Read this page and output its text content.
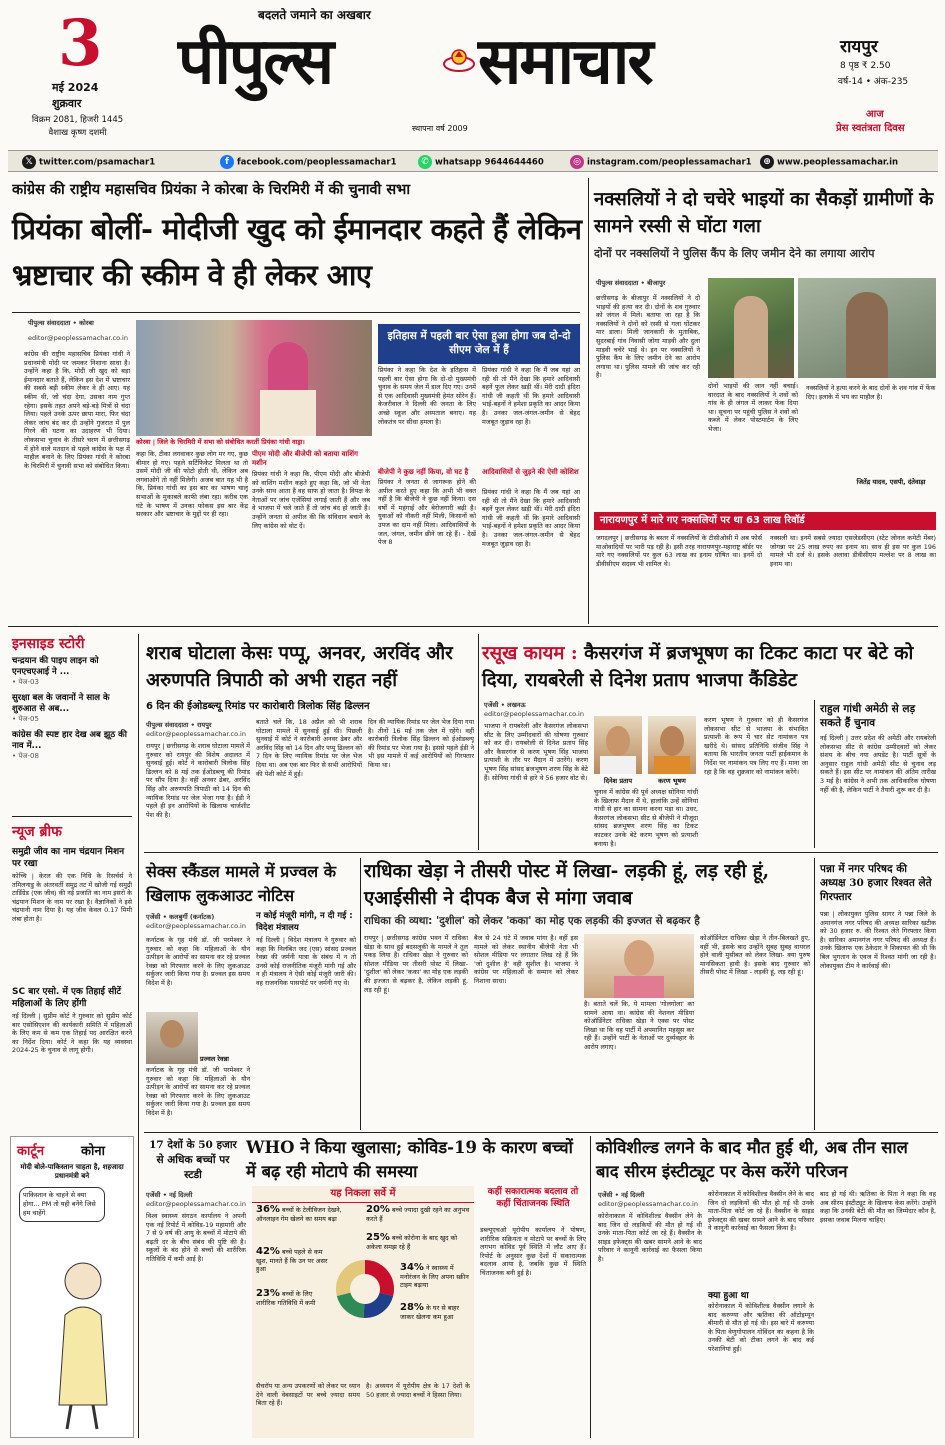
3
मई 2024
शुक्रवार
विक्रम 2081, हिजरी 1445
वैशाख कृष्ण दशमी
बदलते जमाने का अखबार
पीपुल्स समाचार
स्थापना वर्ष 2009
रायपुर
8 पृष्ठ ₹ 2.50
वर्ष-14 • अंक-235
आज
प्रेस स्वतंत्रता दिवस
𝕏 twitter.com/psamachar1	f facebook.com/peoplessamachar1	✆ whatsapp 9644644460	◎ instagram.com/peoplessamachar1	⊕ www.peoplessamachar.in
कांग्रेस की राष्ट्रीय महासचिव प्रियंका ने कोरबा के चिरमिरी में की चुनावी सभा
प्रियंका बोलीं- मोदीजी खुद को ईमानदार कहते हैं लेकिन भ्रष्टाचार की स्कीम वे ही लेकर आए
पीपुल्स संवाददाता • कोरबा
editor@peoplessamachar.co.in
कांग्रेस की राष्ट्रीय महासचिव प्रियंका गांधी ने प्रधानमंत्री मोदी पर जमकर निशाना साधा है। उन्होंने कहा है कि, मोदी जी खुद को बड़ा ईमानदार बताते हैं, लेकिन इस देश में भ्रष्टाचार की सबसे बड़ी स्कीम लेकर वे ही आए। यह स्कीम थी, जो चंदा देगा, उसका नाम गुप्त रहेगा। इसके तहत अपने बड़े-बड़े मित्रों से चंदा लिया। पहले उनके ऊपर छापा मारा, फिर चंदा लेकर जांच बंद कर दी उन्होंने गुजरात में पुल गिरने की घटना का उदाहरण भी दिया। लोकसभा चुनाव के तीसरे चरण में छत्तीसगढ़ में होने वाले मतदान से पहले कांग्रेस के पक्ष में माहौल बनाने के लिए प्रियंका गांधी ने कोरबा के चिरमिरी में चुनावी सभा को संबोधित किया।
कोरबा | जिले के चिरमिरी में सभा को संबोधित करतीं प्रियंका गांधी वाड्रा।
कहा कि, टीका लगवाकर कुछ लोग मर गए, कुछ बीमार हो गए। पहले सर्टिफिकेट मिलता था तो उसमें मोदी जी की फोटो होती थी, लेकिन अब लगवाओगे तो नहीं मिलेगी। अजब बात यह भी है कि, प्रियंका गांधी का इस बार का भाषण चालू सभाओं के मुकाबले काफी लंबा रहा। करीब एक घंटे के भाषण में उनका फोकस इस बार केंद्र सरकार और भ्रष्टाचार के मुद्दों पर ही रहा।
पीएम मोदी और बीजेपी को बताया वाशिंग मशीन
प्रियंका गांधी ने कहा कि, पीएम मोदी और बीजेपी को वाशिंग मशीन कहते हुए कहा कि, जो भी नेता उनके साथ आता है वह साफ हो जाता है। विपक्ष के नेताओं पर जांच एजेंसियां लगाई जाती हैं और जब वे भाजपा में चले जाते हैं तो जांच बंद हो जाती है। उन्होंने जनता से अपील की कि संविधान बचाने के लिए कांग्रेस को वोट दें।
इतिहास में पहली बार ऐसा हुआ होगा जब दो-दो सीएम जेल में हैं
प्रियंका ने कहा कि देश के इतिहास में पहली बार ऐसा होगा कि दो-दो मुख्यमंत्री चुनाव के समय जेल में डाल दिए गए। उनमें से एक आदिवासी मुख्यमंत्री हेमंत सोरेन हैं। केजरीवाल ने दिल्ली की जनता के लिए अच्छे स्कूल और अस्पताल बनाए। यह लोकतंत्र पर सीधा हमला है।
बीजेपी ने कुछ नहीं किया, वो घट है
प्रियंका ने जनता से जागरूक होने की अपील करते हुए कहा कि अभी भी वक्त नहीं है कि बीजेपी ने कुछ नहीं किया। दस वर्षों में महंगाई और बेरोजगारी बढ़ी है। युवाओं को नौकरी नहीं मिली, किसानों को उपज का दाम नहीं मिला। आदिवासियों के जल, जंगल, जमीन छीने जा रहे हैं। - देखें पेज 8
प्रियंका गांधी ने कहा कि मैं जब यहां आ रही थी तो मैंने देखा कि हमारे आदिवासी बहनें फूल लेकर खड़ी थीं। मेरी दादी इंदिरा गांधी जी कहती थीं कि हमारे आदिवासी भाई-बहनों ने हमेशा प्रकृति का आदर किया है। उनका जल-जंगल-जमीन से बेहद मजबूत जुड़ाव रहा है।
आदिवासियों से जुड़ने की ऐसी कोशिश
प्रियंका गांधी ने कहा कि मैं जब यहां आ रही थी तो मैंने देखा कि हमारे आदिवासी बहनें फूल लेकर खड़ी थीं। मेरी दादी इंदिरा गांधी जी कहती थीं कि हमारे आदिवासी भाई-बहनों ने हमेशा प्रकृति का आदर किया है। उनका जल-जंगल-जमीन से बेहद मजबूत जुड़ाव रहा है।
नक्सलियों ने दो चचेरे भाइयों का सैकड़ों ग्रामीणों के सामने रस्सी से घोंटा गला
दोनों पर नक्सलियों ने पुलिस कैंप के लिए जमीन देने का लगाया आरोप
पीपुल्स संवाददाता • बीजापुर
छत्तीसगढ़ के बीजापुर में नक्सलियों ने दो भाइयों की हत्या कर दी। दोनों के शव गुरुवार को जंगल में मिले। बताया जा रहा है कि नक्सलियों ने दोनों को रस्सी से गला घोंटकर मार डाला। मिली जानकारी के मुताबिक, सुदरबाई गांव निवासी जोगा माड़वी और दुला माड़वी चचेरे भाई थे। इन पर नक्सलियों ने पुलिस कैंप के लिए जमीन देने का आरोप लगाया था। पुलिस मामले की जांच कर रही है।
दोनों भाइयों की जान नहीं बचाई। वारदात के बाद नक्सलियों ने शवों को गांव के ही जंगल में लाकर फेंक दिया था। सूचना पर पहुंची पुलिस ने शवों को कब्जे में लेकर पोस्टमार्टम के लिए भेजा।
नक्सलियों ने हत्या करने के बाद दोनों के शव गांव में फेंक दिए। इलाके में भय का माहौल है।
जितेंद्र यादव, एसपी, दंतेवाड़ा
नारायणपुर में मारे गए नक्सलियों पर था 63 लाख रिवॉर्ड
जगदलपुर | छत्तीसगढ़ के बस्तर में नक्सलियों के टीसीओसी में अब फोर्स माओवादियों पर भारी पड़ रही है। इसी तरह नारायणपुर-महाराष्ट्र बॉर्डर पर मारे गए नक्सलियों पर कुल 63 लाख का इनाम घोषित था। इनमें दो डीवीसीएम सदस्य भी शामिल थे।
नक्सली था। इनमें सबसे ज्यादा एसजेडसीएम (स्टेट जोनल कमेटी मेंबर) जोगन्ना पर 25 लाख रुपए का इनाम था। साथ ही इस पर कुल 196 मामले भी दर्ज थे। इसके अलावा डीवीसीएम मल्लेश पर 8 लाख का इनाम था।
इनसाइड स्टोरी
चन्द्रयान की पाइप लाइन को एनएचएआई ने ...
• पेज-03
सुरक्षा बल के जवानों ने साल के शुरुआत से अब...
• पेज-05
कांग्रेस की स्पष्ट हार देख अब झूठ की नाव में...
• पेज-08
न्यूज ब्रीफ
समुद्री जीव का नाम चंद्रयान मिशन पर रखा
कोच्चि | केरल की एक निधि के रिसर्चर्स ने तमिलनाडु के अंतरवर्ती समुद्र तट में खोजी गई समुद्री टार्डिग्रेड (एक जीव) की नई प्रजाति का नाम इसरो के चंद्रयान मिशन के नाम पर रखा है। वैज्ञानिकों ने इसे चंद्रयानी नाम दिया है। यह जीव केवल 0.17 मिमी लंबा होता है।
SC बार एसो. में एक तिहाई सीटें महिलाओं के लिए होंगी
नई दिल्ली | सुप्रीम कोर्ट ने गुरुवार को सुप्रीम कोर्ट बार एसोसिएशन की कार्यकारी समिति में महिलाओं के लिए कम से कम एक तिहाई पद आरक्षित करने का निर्देश दिया। कोर्ट ने कहा कि यह व्यवस्था 2024-25 के चुनाव से लागू होगी।
कार्टून	कोना
मोदी बोले-पाकिस्तान चाहता है, शहजादा प्रधानमंत्री बने
पाकिस्तान के चाहने से क्या होगा... PM तो यही बनेंगे जिसे हम चाहेंगे
शराब घोटाला केसः पप्पू, अनवर, अरविंद और अरुणपति त्रिपाठी को अभी राहत नहीं
6 दिन की ईओडब्ल्यू रिमांड पर कारोबारी त्रिलोक सिंह ढिल्लन
पीपुल्स संवाददाता • रायपुर
editor@peoplessamachar.co.in
रायपुर | छत्तीसगढ़ के शराब घोटाला मामले में गुरुवार को रायपुर की विशेष अदालत में सुनवाई हुई। कोर्ट ने कारोबारी त्रिलोक सिंह ढिल्लन को 8 मई तक ईओडब्ल्यू की रिमांड पर सौंप दिया है। वहीं अनवर ढेबर, अरविंद सिंह और अरुणपति त्रिपाठी को 14 दिन की न्यायिक रिमांड पर जेल भेजा गया है। ईडी ने पहले ही इन आरोपियों के खिलाफ चार्जशीट पेश की है।
बताते चलें कि, 18 अप्रैल को भी शराब घोटाला मामले में सुनवाई हुई थी। पिछली सुनवाई में कोर्ट ने कारोबारी अनवर ढेबर और अरविंद सिंह को 14 दिन और पप्पू ढिल्लन को 7 दिन के लिए न्यायिक रिमांड पर जेल भेज दिया था। अब एक बार फिर से सभी आरोपियों की पेशी कोर्ट में हुई।
दिन की न्यायिक रिमांड पर जेल भेज दिया गया है। तीनों 16 मई तक जेल में रहेंगे। वहीं कारोबारी त्रिलोक सिंह ढिल्लन को ईओडब्ल्यू की रिमांड पर भेजा गया है। इससे पहले ईडी ने भी इस मामले में कई आरोपियों को गिरफ्तार किया था।
रसूख कायम : कैसरगंज में ब्रजभूषण का टिकट काटा पर बेटे को दिया, रायबरेली से दिनेश प्रताप भाजपा कैंडिडेट
एजेंसी • लखनऊ
editor@peoplessamachar.co.in
भाजपा ने रायबरेली और कैसरगंज लोकसभा सीट के लिए उम्मीदवारों की घोषणा गुरुवार को कर दी। रायबरेली से दिनेश प्रताप सिंह और कैसरगंज से करण भूषण सिंह भाजपा प्रत्याशी के तौर पर मैदान में उतरेंगे। करण भूषण सिंह सांसद ब्रजभूषण शरण सिंह के बेटे हैं। सोनिया गांधी से हारे थे 56 हजार वोट से।	दिनेश प्रताप	करण भूषण
चुनाव में कांग्रेस की पूर्व अध्यक्ष सोनिया गांधी के खिलाफ मैदान में थे, हालांकि उन्हें सोनिया गांधी से हार का सामना करना पड़ा था। उधर, कैसरगंज लोकसभा सीट से बीजेपी ने मौजूदा सांसद ब्रजभूषण शरण सिंह का टिकट काटकर उनके बेटे करण भूषण को प्रत्याशी बनाया है।
करण भूषण ने गुरुवार को ही कैसरगंज लोकसभा सीट से भाजपा के संभावित प्रत्याशी के रूप में चार सेट नामांकन पत्र खरीदे थे। सांसद प्रतिनिधि संजीव सिंह ने बताया कि भारतीय जनता पार्टी हाईकमान के निर्देश पर नामांकन पत्र लिए गए हैं। माना जा रहा है कि वह शुक्रवार को नामांकन करेंगे।
राहुल गांधी अमेठी से लड़ सकते हैं चुनाव
नई दिल्ली | उत्तर प्रदेश की अमेठी और रायबरेली लोकसभा सीट से कांग्रेस उम्मीदवारों को लेकर संशय के बीच नया अपडेट है। पार्टी सूत्रों के अनुसार राहुल गांधी अमेठी सीट से चुनाव लड़ सकते हैं। इस सीट पर नामांकन की अंतिम तारीख 3 मई है। कांग्रेस ने अभी तक आधिकारिक घोषणा नहीं की है, लेकिन पार्टी ने तैयारी शुरू कर दी है।
सेक्स स्कैंडल मामले में प्रज्वल के खिलाफ लुकआउट नोटिस
एजेंसी • कलबुर्गी (कर्नाटक)
editor@peoplessamachar.co.in
कर्नाटक के गृह मंत्री डॉ. जी परमेश्वर ने गुरुवार को कहा कि महिलाओं के यौन उत्पीड़न के आरोपों का सामना कर रहे प्रज्वल रेवन्ना को गिरफ्तार करने के लिए लुकआउट सर्कुलर जारी किया गया है। प्रज्वल इस समय विदेश में है।
प्रज्वल रेवन्ना
कर्नाटक के गृह मंत्री डॉ. जी परमेश्वर ने गुरुवार को कहा कि महिलाओं के यौन उत्पीड़न के आरोपों का सामना कर रहे प्रज्वल रेवन्ना को गिरफ्तार करने के लिए लुकआउट सर्कुलर जारी किया गया है। प्रज्वल इस समय विदेश में है।
न कोई मंजूरी मांगी, न दी गई : विदेश मंत्रालय
नई दिल्ली | विदेश मंत्रालय ने गुरुवार को कहा कि निलंबित जद (एस) सांसद प्रज्वल रेवन्ना की जर्मनी यात्रा के संबंध में न तो उनसे कोई राजनीतिक मंजूरी मांगी गई और न ही मंत्रालय ने ऐसी कोई मंजूरी जारी की। वह राजनयिक पासपोर्ट पर जर्मनी गए थे।
राधिका खेड़ा ने तीसरी पोस्ट में लिखा- लड़की हूं, लड़ रही हूं, एआईसीसी ने दीपक बैज से मांगा जवाब
राधिका की व्यथा: 'दुशील' को लेकर 'कका' का मोह एक लड़की की इज्जत से बढ़कर है
रायपुर | छत्तीसगढ़ कांग्रेस भवन में राधिका खेड़ा के साथ हुई बदसलूकी के मामले ने तूल पकड़ लिया है। राधिका खेड़ा ने गुरुवार को सोशल मीडिया पर तीसरी पोस्ट में लिखा- 'दुशील' को लेकर 'कका' का मोह एक लड़की की इज्जत से बढ़कर है, लेकिन लड़की हूं, लड़ रही हूं।
बैज से 24 घंटे में जवाब मांगा है। वहीं इस मामले को लेकर स्थानीय बीजेपी नेता भी सोशल मीडिया पर लगातार लिख रहे हैं कि 'जो दुशील है' वही सुशील है। भाजपा ने कांग्रेस पर महिलाओं के सम्मान को लेकर निशाना साधा।
है। बताते चलें कि, ये मामला 'गोलगोला' का सामने आया था। कांग्रेस की नेशनल मीडिया कोऑर्डिनेटर राधिका खेड़ा ने एक्स पर पोस्ट लिखा था कि वह पार्टी में अपमानित महसूस कर रही हैं। उन्होंने पार्टी के नेताओं पर दुर्व्यवहार के आरोप लगाए।
कोऑर्डिनेटर राधिका खेड़ा ने तीन-बिलखते हुए, वहीं भी, इसके बाद उन्होंने सुबह सुबह वायरल होने वाली मुसीबत को लेकर लिखा- क्या पुरुष मानसिकता हावी है। इसके बाद गुरुवार को तीसरी पोस्ट में लिखा - लड़की हूं, लड़ रही हूं।
पन्ना में नगर परिषद की अध्यक्ष 30 हजार रिश्वत लेते गिरफ्तार
पन्ना | लोकायुक्त पुलिस सागर ने पन्ना जिले के अमानगंज नगर परिषद की अध्यक्ष सारिका खटीक को 30 हजार रु. की रिश्वत लेते गिरफ्तार किया है। सारिका अमानगंज नगर परिषद की अध्यक्ष हैं। उनके खिलाफ एक ठेकेदार ने शिकायत की थी कि बिल भुगतान के एवज में रिश्वत मांगी जा रही है। लोकायुक्त टीम ने कार्रवाई की।
17 देशों के 50 हजार से अधिक बच्चों पर स्टडी
WHO ने किया खुलासा; कोविड-19 के कारण बच्चों में बढ़ रही मोटापे की समस्या
एजेंसी • नई दिल्ली
editor@peoplessamachar.co.in
विश्व स्वास्थ्य संगठन कार्यालय ने अपनी एक नई रिपोर्ट में कोविड-19 महामारी और 7 से 9 वर्ष की आयु के बच्चों में मोटापे की बढ़ती दर के बीच संबंध की पुष्टि की है। स्कूलों के बंद होने से बच्चों की शारीरिक गतिविधि में कमी आई है।
यह निकला सर्वे में
36% बच्चों के टेलीविजन देखने, ऑनलाइन गेम खेलने का समय बढ़ा
20% बच्चे ज्यादा दुखी रहने का अनुभव करते हैं
25% बच्चे कोरोना के बाद खुद को अकेला समझ रहे हैं
42% बच्चे पहले से कम खुश, मानते हैं कि उन पर असर हुआ	34% ने स्वास्थ्य में मनोरंजन के लिए अपना स्क्रीन टाइम बढ़ाया
23% बच्चों के लिए शारीरिक गतिविधि में कमी	28% के घर से बाहर जाकर खेलना कम हुआ
सैचरॉप या अन्य उपकरणों को लेकर पर ध्यान देने वाली वेबसाइटों पर बच्चे ज्यादा समय बिता रहे हैं।
है। अध्ययन में यूरोपीय क्षेत्र के 17 देशों के 50 हजार से ज्यादा बच्चों ने हिस्सा लिया।
कहीं सकारात्मक बदलाव तो कहीं चिंताजनक स्थिति
डब्ल्यूएचओ यूरोपीय कार्यालय ने पोषण, शारीरिक सक्रियता व मोटापे पर बच्चों के लिए लगभग कोविड पूर्व स्थिति में लौट आए हैं। रिपोर्ट के अनुसार कुछ देशों में सकारात्मक बदलाव आया है, जबकि कुछ में स्थिति चिंताजनक बनी हुई है।
कोविशील्ड लगने के बाद मौत हुई थी, अब तीन साल बाद सीरम इंस्टीट्यूट पर केस करेंगे परिजन
एजेंसी • नई दिल्ली
editor@peoplessamachar.co.in
कोरोनाकाल में कोविशील्ड वैक्सीन लेने के बाद जिन दो लड़कियों की मौत हो गई थी उनके माता-पिता कोर्ट जा रहे हैं। वैक्सीन के साइड इफेक्ट्स की खबर सामने आने के बाद परिवार ने कानूनी कार्रवाई का फैसला किया है।
कोरोनाकाल में कोविशील्ड वैक्सीन लेने के बाद जिन दो लड़कियों की मौत हो गई थी उनके माता-पिता कोर्ट जा रहे हैं। वैक्सीन के साइड इफेक्ट्स की खबर सामने आने के बाद परिवार ने कानूनी कार्रवाई का फैसला किया है।
क्या हुआ था
कोरोनाकाल में कोविशील्ड वैक्सीन लगाने के बाद करुण्या और ऋतिका की ऑटोइम्यून बीमारी से मौत हो गई थी। इस बारे में करुण्या के पिता वेणुगोपालन गोविंदन का कहना है कि उनकी बेटी को टीका लगने के बाद कई परेशानियां हुईं।
बाद हो गई थी। ऋतिका के पिता ने कहा कि वह अब सीरम इंस्टीट्यूट के खिलाफ केस करेंगे। उन्होंने कहा कि उनकी बेटी की मौत का जिम्मेदार कौन है, इसका जवाब मिलना चाहिए।
